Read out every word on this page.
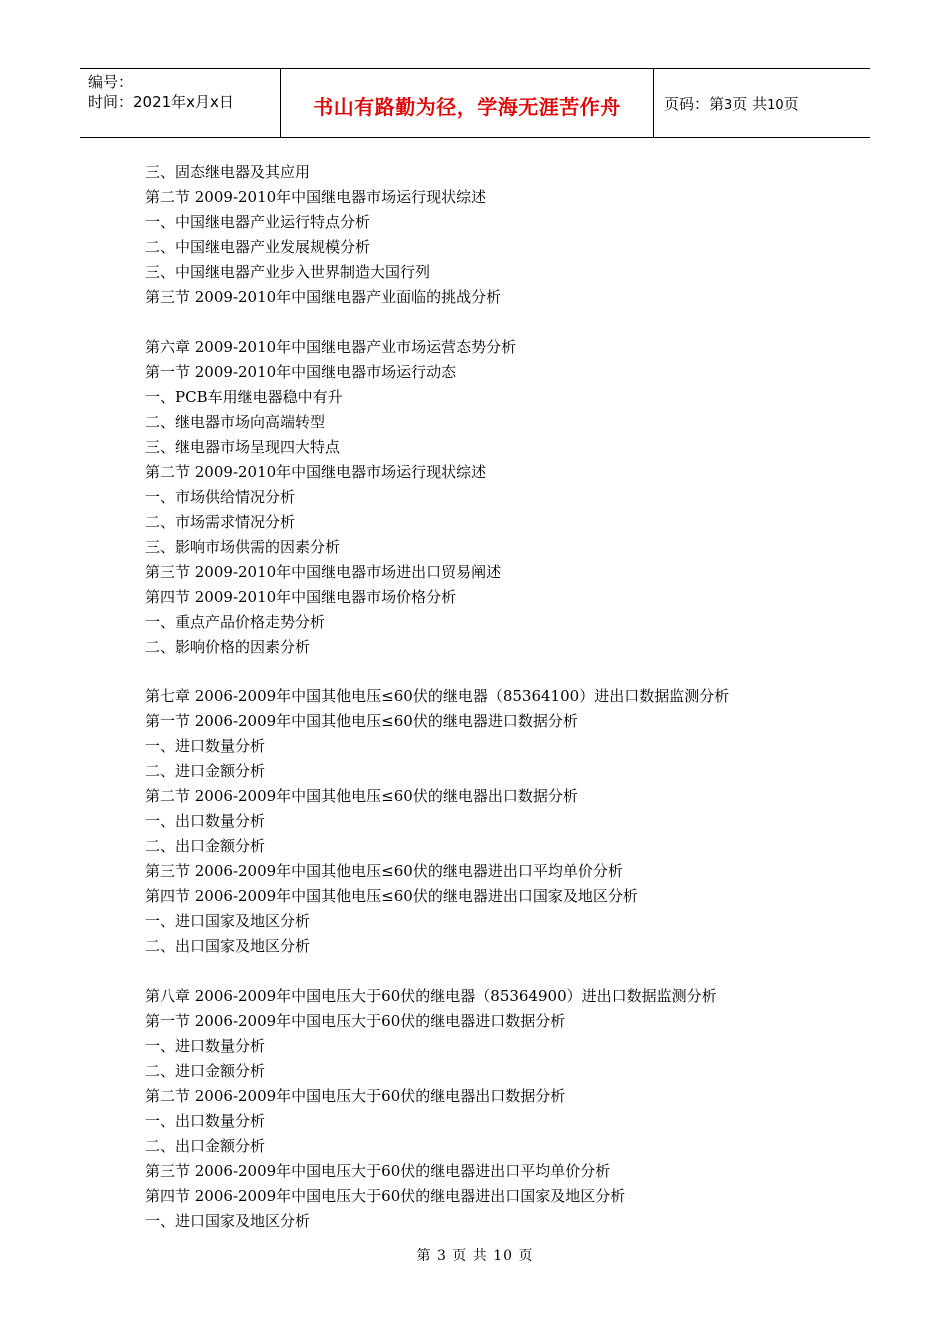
编号：
时间：2021年x月x日	书山有路勤为径，学海无涯苦作舟	页码：第3页 共10页
三、固态继电器及其应用
第二节 2009-2010年中国继电器市场运行现状综述
一、中国继电器产业运行特点分析
二、中国继电器产业发展规模分析
三、中国继电器产业步入世界制造大国行列
第三节 2009-2010年中国继电器产业面临的挑战分析
第六章 2009-2010年中国继电器产业市场运营态势分析
第一节 2009-2010年中国继电器市场运行动态
一、PCB车用继电器稳中有升
二、继电器市场向高端转型
三、继电器市场呈现四大特点
第二节 2009-2010年中国继电器市场运行现状综述
一、市场供给情况分析
二、市场需求情况分析
三、影响市场供需的因素分析
第三节 2009-2010年中国继电器市场进出口贸易阐述
第四节 2009-2010年中国继电器市场价格分析
一、重点产品价格走势分析
二、影响价格的因素分析
第七章 2006-2009年中国其他电压≤60伏的继电器（85364100）进出口数据监测分析
第一节 2006-2009年中国其他电压≤60伏的继电器进口数据分析
一、进口数量分析
二、进口金额分析
第二节 2006-2009年中国其他电压≤60伏的继电器出口数据分析
一、出口数量分析
二、出口金额分析
第三节 2006-2009年中国其他电压≤60伏的继电器进出口平均单价分析
第四节 2006-2009年中国其他电压≤60伏的继电器进出口国家及地区分析
一、进口国家及地区分析
二、出口国家及地区分析
第八章 2006-2009年中国电压大于60伏的继电器（85364900）进出口数据监测分析
第一节 2006-2009年中国电压大于60伏的继电器进口数据分析
一、进口数量分析
二、进口金额分析
第二节 2006-2009年中国电压大于60伏的继电器出口数据分析
一、出口数量分析
二、出口金额分析
第三节 2006-2009年中国电压大于60伏的继电器进出口平均单价分析
第四节 2006-2009年中国电压大于60伏的继电器进出口国家及地区分析
一、进口国家及地区分析
第 3 页 共 10 页
